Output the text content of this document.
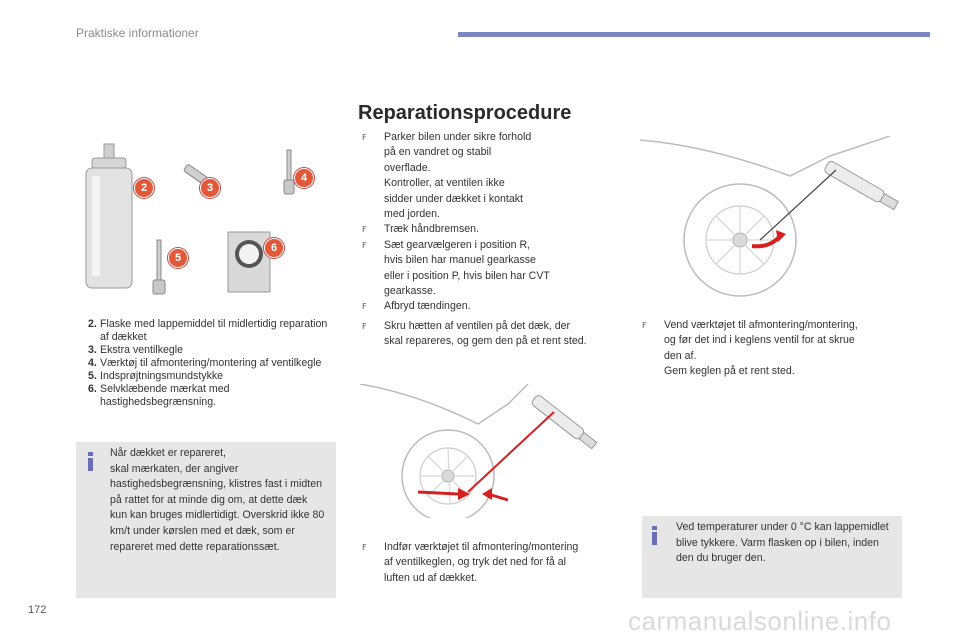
Praktiske informationer
Reparationsprocedure
2	3
4
5
6
2. Flaske med lappemiddel til midlertidig reparation af dækket
3. Ekstra ventilkegle
4. Værktøj til afmontering/montering af ventilkegle
5. Indsprøjtningsmundstykke
6. Selvklæbende mærkat med hastighedsbegrænsning.
Når dækket er repareret,
skal mærkaten, der angiver hastighedsbegrænsning, klistres fast i midten på rattet for at minde dig om, at dette dæk kun kan bruges midlertidigt. Overskrid ikke 80 km/t under kørslen med et dæk, som er repareret med dette reparationssæt.
F Parker bilen under sikre forhold
på en vandret og stabil
overflade.
Kontroller, at ventilen ikke
sidder under dækket i kontakt
med jorden.
F Træk håndbremsen.
F Sæt gearvælgeren i position R,
hvis bilen har manuel gearkasse
eller i position P, hvis bilen har CVT
gearkasse.
F Afbryd tændingen.
F Skru hætten af ventilen på det dæk, der
skal repareres, og gem den på et rent sted.
F Indfør værktøjet til afmontering/montering
af ventilkeglen, og tryk det ned for få al
luften ud af dækket.
F Vend værktøjet til afmontering/montering,
og før det ind i keglens ventil for at skrue
den af.
Gem keglen på et rent sted.
Ved temperaturer under 0 °C kan lappemidlet blive tykkere. Varm flasken op i bilen, inden den du bruger den.
172	carmanualsonline.info
